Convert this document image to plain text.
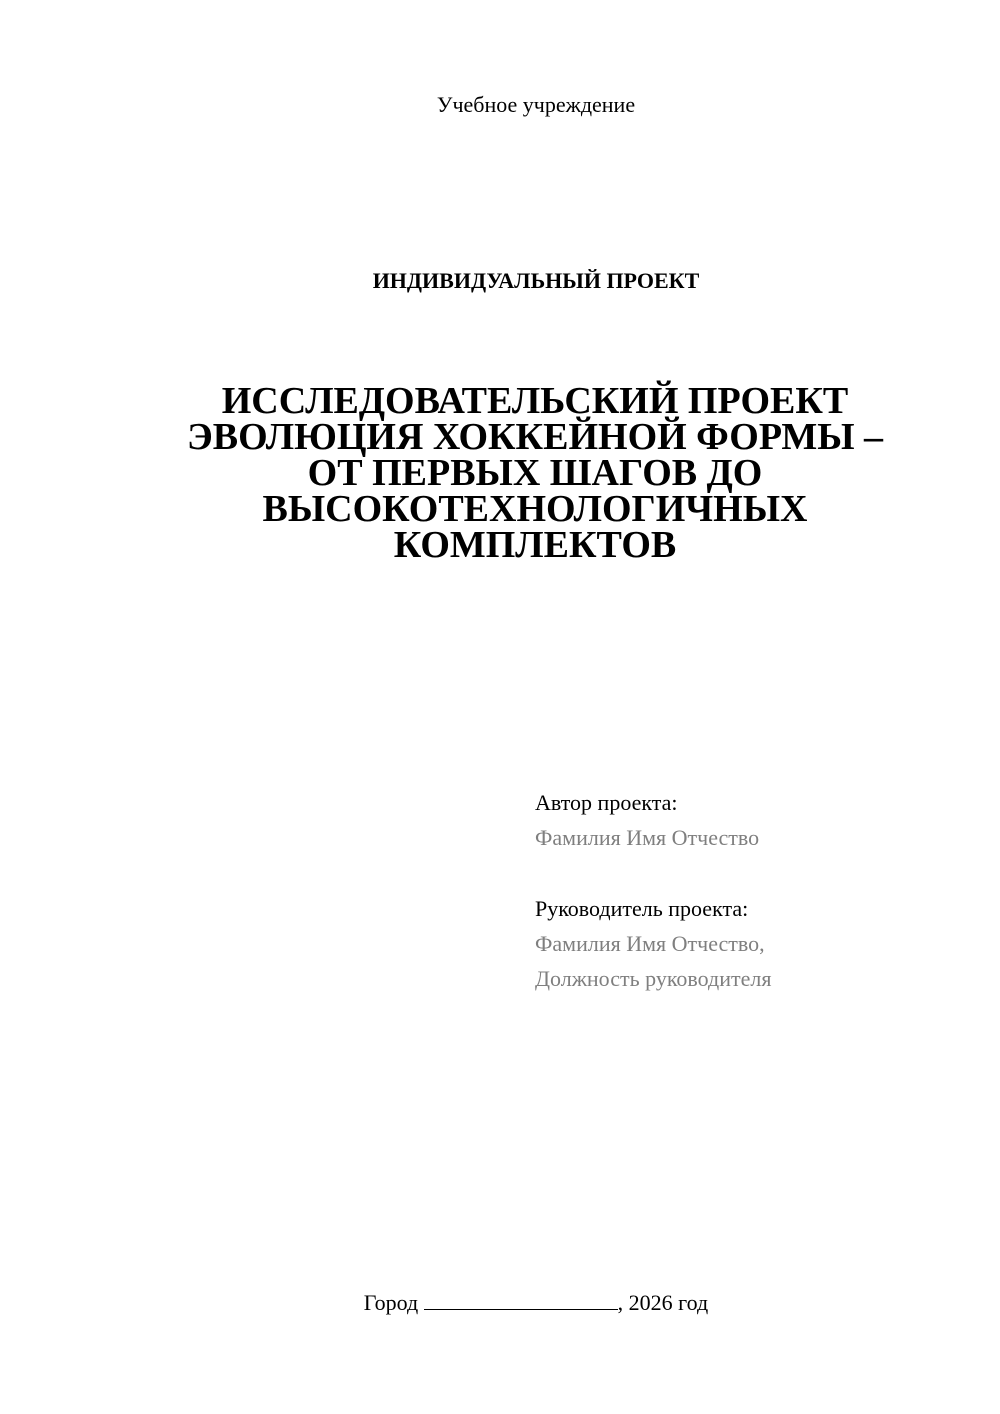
Учебное учреждение
ИНДИВИДУАЛЬНЫЙ ПРОЕКТ
ИССЛЕДОВАТЕЛЬСКИЙ ПРОЕКТ
ЭВОЛЮЦИЯ ХОККЕЙНОЙ ФОРМЫ –
ОТ ПЕРВЫХ ШАГОВ ДО
ВЫСОКОТЕХНОЛОГИЧНЫХ
КОМПЛЕКТОВ
Автор проекта:
Фамилия Имя Отчество
Руководитель проекта:
Фамилия Имя Отчество,
Должность руководителя
Город	, 2026 год
